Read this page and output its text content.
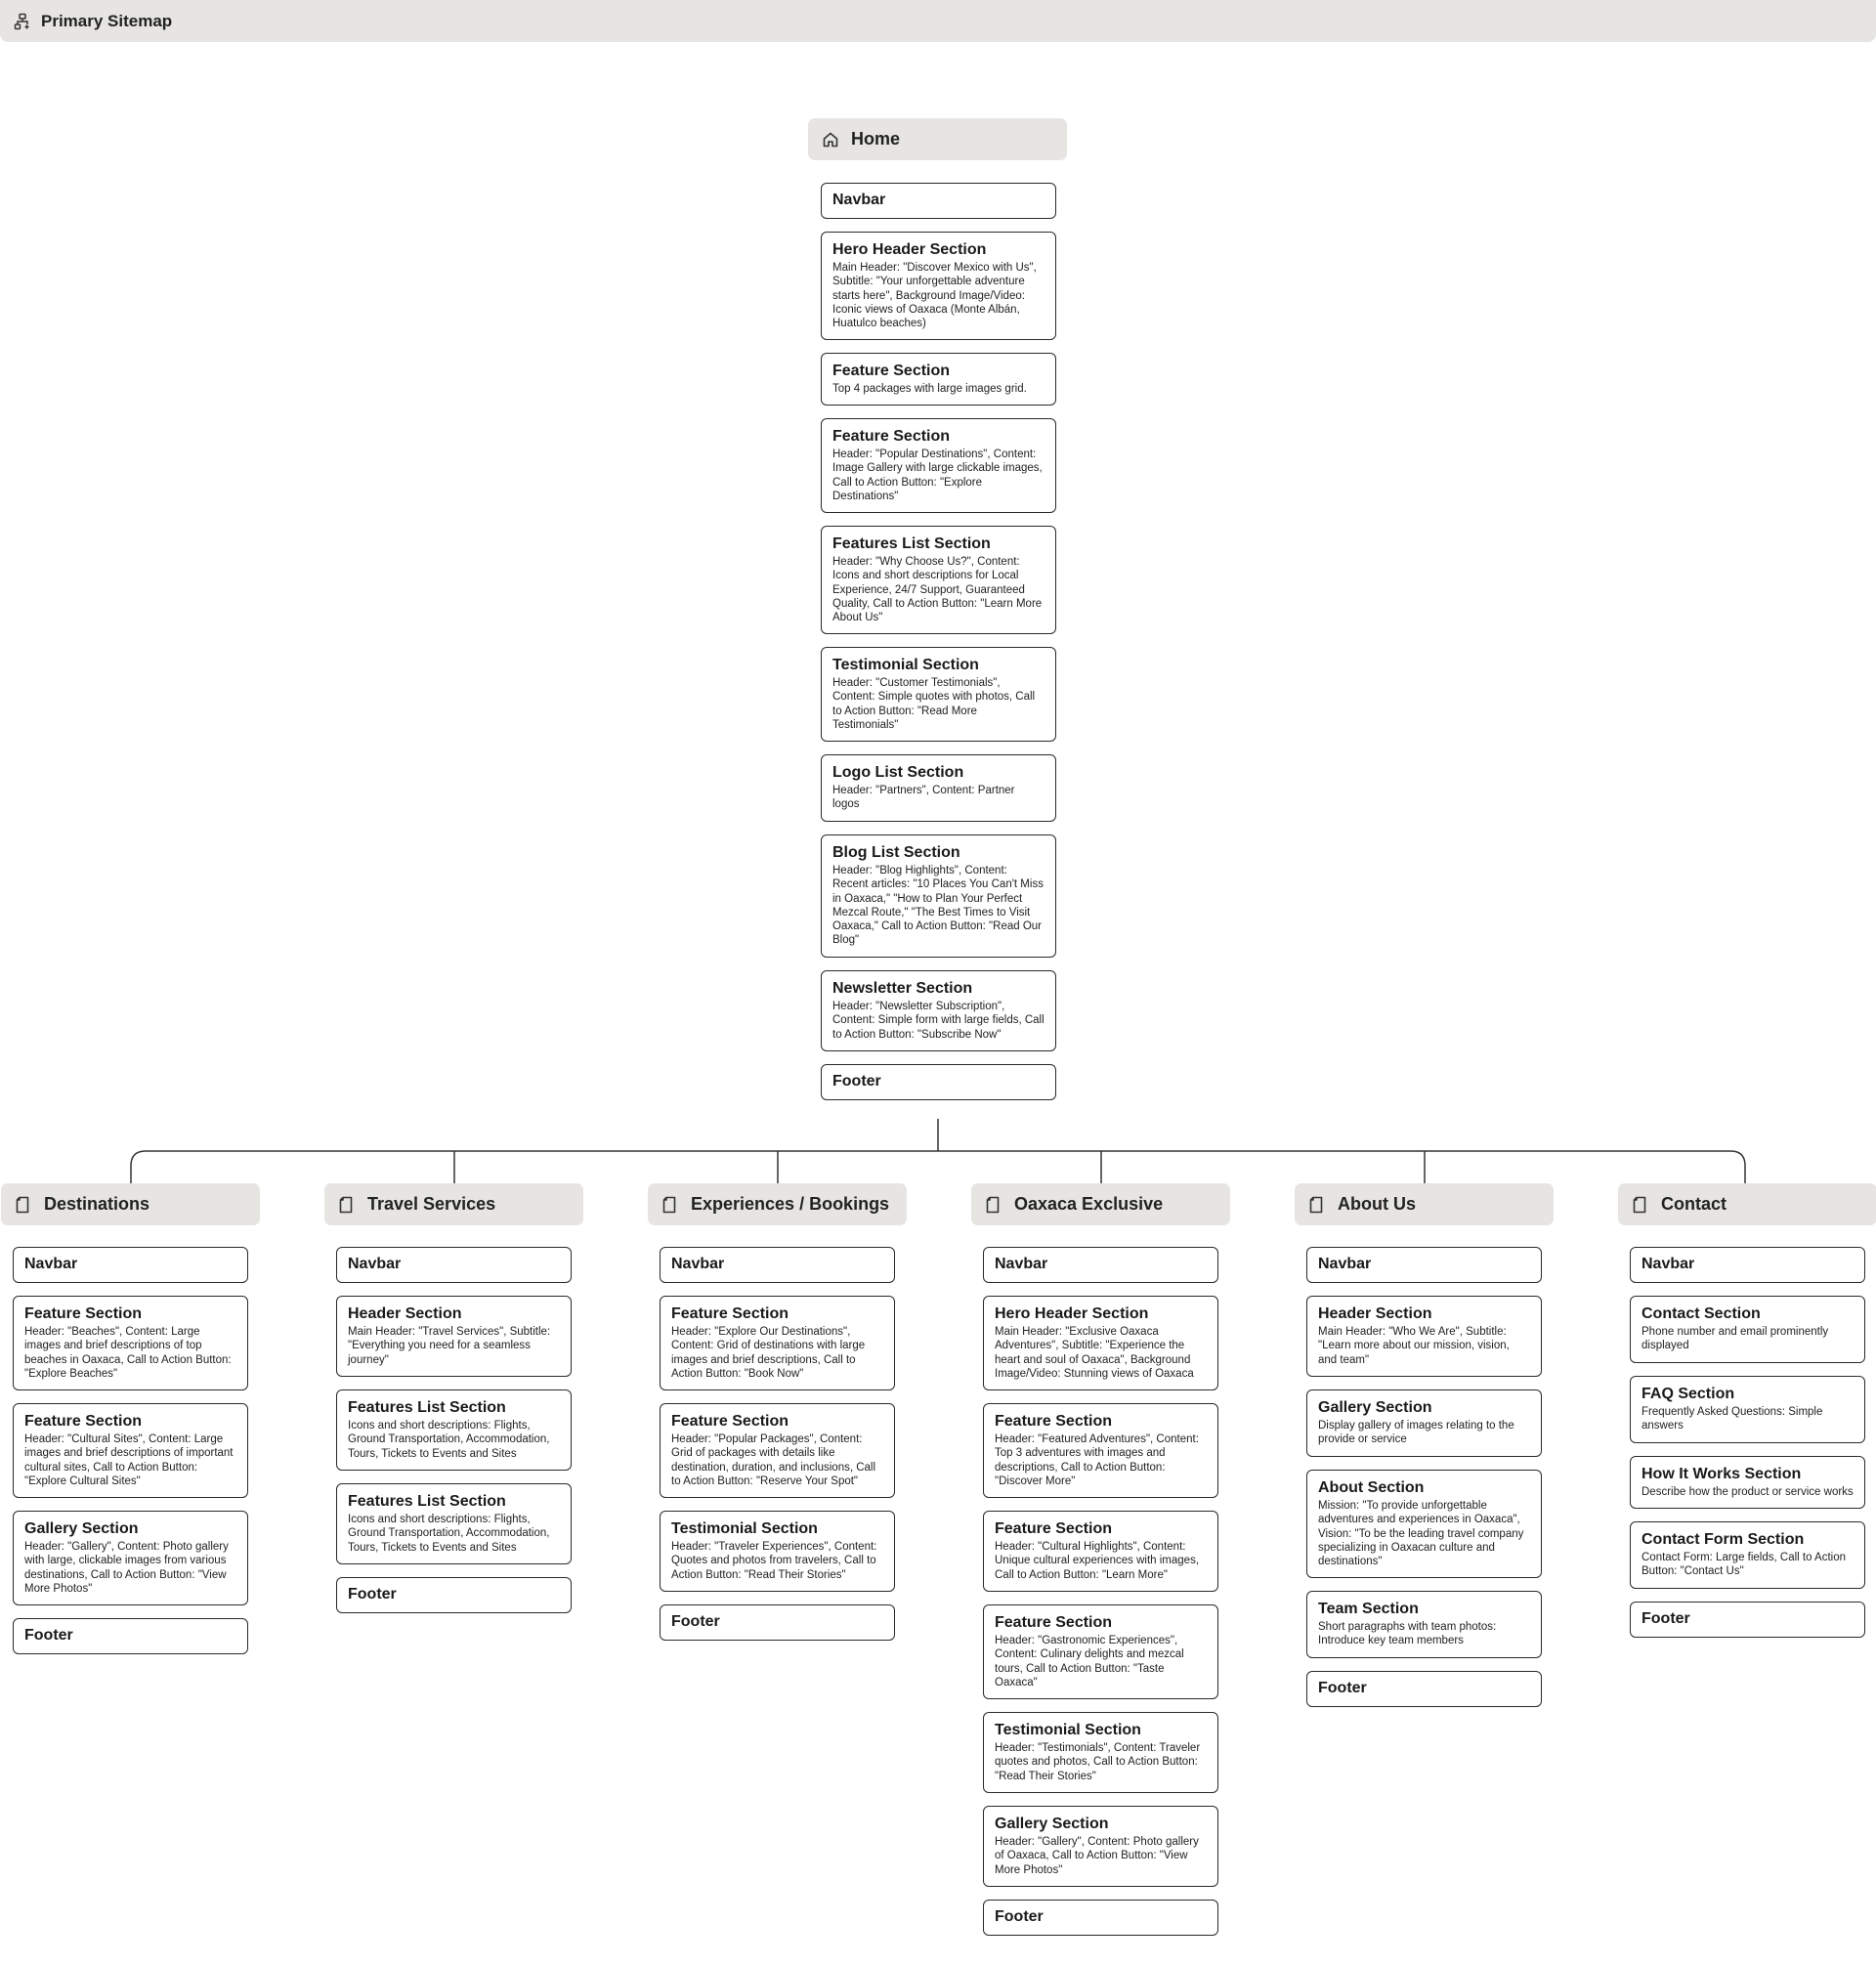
Primary Sitemap
Home
Navbar
Hero Header Section
Main Header: "Discover Mexico with Us", Subtitle: "Your unforgettable adventure starts here", Background Image/Video: Iconic views of Oaxaca (Monte Albán, Huatulco beaches)
Feature Section
Top 4 packages with large images grid.
Feature Section
Header: "Popular Destinations", Content: Image Gallery with large clickable images, Call to Action Button: "Explore Destinations"
Features List Section
Header: "Why Choose Us?", Content: Icons and short descriptions for Local Experience, 24/7 Support, Guaranteed Quality, Call to Action Button: "Learn More About Us"
Testimonial Section
Header: "Customer Testimonials", Content: Simple quotes with photos, Call to Action Button: "Read More Testimonials"
Logo List Section
Header: "Partners", Content: Partner logos
Blog List Section
Header: "Blog Highlights", Content: Recent articles: "10 Places You Can't Miss in Oaxaca," "How to Plan Your Perfect Mezcal Route," "The Best Times to Visit Oaxaca," Call to Action Button: "Read Our Blog"
Newsletter Section
Header: "Newsletter Subscription", Content: Simple form with large fields, Call to Action Button: "Subscribe Now"
Footer
Destinations
Navbar
Feature Section
Header: "Beaches", Content: Large images and brief descriptions of top beaches in Oaxaca, Call to Action Button: "Explore Beaches"
Feature Section
Header: "Cultural Sites", Content: Large images and brief descriptions of important cultural sites, Call to Action Button: "Explore Cultural Sites"
Gallery Section
Header: "Gallery", Content: Photo gallery with large, clickable images from various destinations, Call to Action Button: "View More Photos"
Footer
Travel Services
Navbar
Header Section
Main Header: "Travel Services", Subtitle: "Everything you need for a seamless journey"
Features List Section
Icons and short descriptions: Flights, Ground Transportation, Accommodation, Tours, Tickets to Events and Sites
Features List Section
Icons and short descriptions: Flights, Ground Transportation, Accommodation, Tours, Tickets to Events and Sites
Footer
Experiences / Bookings
Navbar
Feature Section
Header: "Explore Our Destinations", Content: Grid of destinations with large images and brief descriptions, Call to Action Button: "Book Now"
Feature Section
Header: "Popular Packages", Content: Grid of packages with details like destination, duration, and inclusions, Call to Action Button: "Reserve Your Spot"
Testimonial Section
Header: "Traveler Experiences", Content: Quotes and photos from travelers, Call to Action Button: "Read Their Stories"
Footer
Oaxaca Exclusive
Navbar
Hero Header Section
Main Header: "Exclusive Oaxaca Adventures", Subtitle: "Experience the heart and soul of Oaxaca", Background Image/Video: Stunning views of Oaxaca
Feature Section
Header: "Featured Adventures", Content: Top 3 adventures with images and descriptions, Call to Action Button: "Discover More"
Feature Section
Header: "Cultural Highlights", Content: Unique cultural experiences with images, Call to Action Button: "Learn More"
Feature Section
Header: "Gastronomic Experiences", Content: Culinary delights and mezcal tours, Call to Action Button: "Taste Oaxaca"
Testimonial Section
Header: "Testimonials", Content: Traveler quotes and photos, Call to Action Button: "Read Their Stories"
Gallery Section
Header: "Gallery", Content: Photo gallery of Oaxaca, Call to Action Button: "View More Photos"
Footer
About Us
Navbar
Header Section
Main Header: "Who We Are", Subtitle: "Learn more about our mission, vision, and team"
Gallery Section
Display gallery of images relating to the provide or service
About Section
Mission: "To provide unforgettable adventures and experiences in Oaxaca", Vision: "To be the leading travel company specializing in Oaxacan culture and destinations"
Team Section
Short paragraphs with team photos: Introduce key team members
Footer
Contact
Navbar
Contact Section
Phone number and email prominently displayed
FAQ Section
Frequently Asked Questions: Simple answers
How It Works Section
Describe how the product or service works
Contact Form Section
Contact Form: Large fields, Call to Action Button: "Contact Us"
Footer
